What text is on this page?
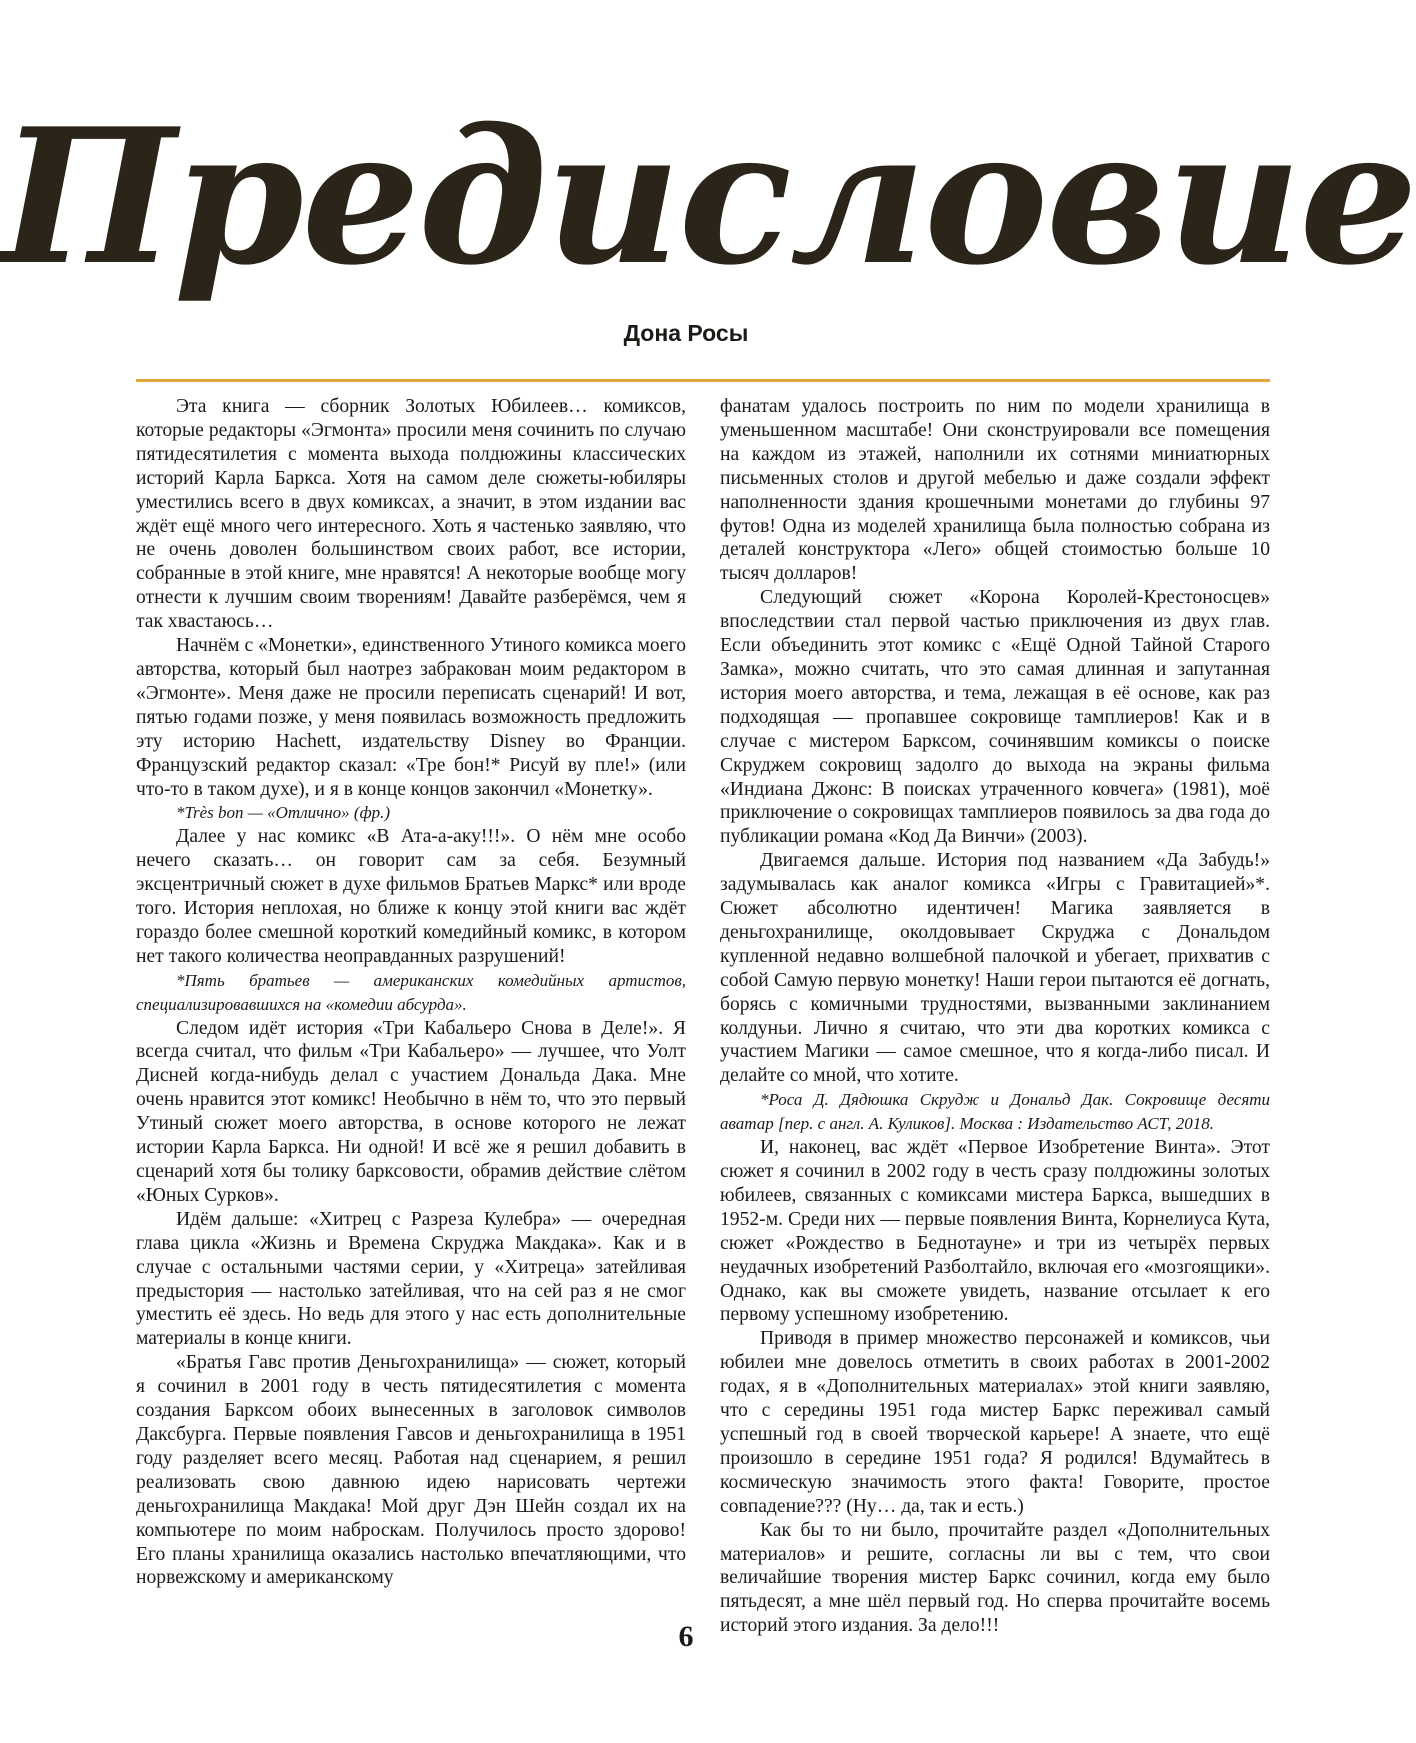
Предисловие
Дона Росы

Эта книга — сборник Золотых Юбилеев… комиксов, которые редакторы «Эгмонта» просили меня сочинить по случаю пятидесятилетия с момента выхода полдюжины классических историй Карла Баркса. Хотя на самом деле сюжеты-юбиляры уместились всего в двух комиксах, а значит, в этом издании вас ждёт ещё много чего интересного. Хоть я частенько заявляю, что не очень доволен большинством своих работ, все истории, собранные в этой книге, мне нравятся! А некоторые вообще могу отнести к лучшим своим творениям! Давайте разберёмся, чем я так хвастаюсь…

Начнём с «Монетки», единственного Утиного комикса моего авторства, который был наотрез забракован моим редактором в «Эгмонте». Меня даже не просили переписать сценарий! И вот, пятью годами позже, у меня появилась возможность предложить эту историю Hachett, издательству Disney во Франции. Французский редактор сказал: «Тре бон!* Рисуй ву пле!» (или что-то в таком духе), и я в конце концов закончил «Монетку».

*Très bon — «Отлично» (фр.)

Далее у нас комикс «В Ата-а-аку!!!». О нём мне особо нечего сказать… он говорит сам за себя. Безумный эксцентричный сюжет в духе фильмов Братьев Маркс* или вроде того. История неплохая, но ближе к концу этой книги вас ждёт гораздо более смешной короткий комедийный комикс, в котором нет такого количества неоправданных разрушений!

*Пять братьев — американских комедийных артистов, специализировавшихся на «комедии абсурда».

Следом идёт история «Три Кабальеро Снова в Деле!». Я всегда считал, что фильм «Три Кабальеро» — лучшее, что Уолт Дисней когда-нибудь делал с участием Дональда Дака. Мне очень нравится этот комикс! Необычно в нём то, что это первый Утиный сюжет моего авторства, в основе которого не лежат истории Карла Баркса. Ни одной! И всё же я решил добавить в сценарий хотя бы толику барксовости, обрамив действие слётом «Юных Сурков».

Идём дальше: «Хитрец с Разреза Кулебра» — очередная глава цикла «Жизнь и Времена Скруджа Макдака». Как и в случае с остальными частями серии, у «Хитреца» затейливая предыстория — настолько затейливая, что на сей раз я не смог уместить её здесь. Но ведь для этого у нас есть дополнительные материалы в конце книги.

«Братья Гавс против Деньгохранилища» — сюжет, который я сочинил в 2001 году в честь пятидесятилетия с момента создания Барксом обоих вынесенных в заголовок символов Даксбурга. Первые появления Гавсов и деньгохранилища в 1951 году разделяет всего месяц. Работая над сценарием, я решил реализовать свою давнюю идею нарисовать чертежи деньгохранилища Макдака! Мой друг Дэн Шейн создал их на компьютере по моим наброскам. Получилось просто здорово! Его планы хранилища оказались настолько впечатляющими, что норвежскому и американскому

фанатам удалось построить по ним по модели хранилища в уменьшенном масштабе! Они сконструировали все помещения на каждом из этажей, наполнили их сотнями миниатюрных письменных столов и другой мебелью и даже создали эффект наполненности здания крошечными монетами до глубины 97 футов! Одна из моделей хранилища была полностью собрана из деталей конструктора «Лего» общей стоимостью больше 10 тысяч долларов!

Следующий сюжет «Корона Королей-Крестоносцев» впоследствии стал первой частью приключения из двух глав. Если объединить этот комикс с «Ещё Одной Тайной Старого Замка», можно считать, что это самая длинная и запутанная история моего авторства, и тема, лежащая в её основе, как раз подходящая — пропавшее сокровище тамплиеров! Как и в случае с мистером Барксом, сочинявшим комиксы о поиске Скруджем сокровищ задолго до выхода на экраны фильма «Индиана Джонс: В поисках утраченного ковчега» (1981), моё приключение о сокровищах тамплиеров появилось за два года до публикации романа «Код Да Винчи» (2003).

Двигаемся дальше. История под названием «Да Забудь!» задумывалась как аналог комикса «Игры с Гравитацией»*. Сюжет абсолютно идентичен! Магика заявляется в деньгохранилище, околдовывает Скруджа с Дональдом купленной недавно волшебной палочкой и убегает, прихватив с собой Самую первую монетку! Наши герои пытаются её догнать, борясь с комичными трудностями, вызванными заклинанием колдуньи. Лично я считаю, что эти два коротких комикса с участием Магики — самое смешное, что я когда-либо писал. И делайте со мной, что хотите.

*Роса Д. Дядюшка Скрудж и Дональд Дак. Сокровище десяти аватар [пер. с англ. А. Куликов]. Москва : Издательство АСТ, 2018.

И, наконец, вас ждёт «Первое Изобретение Винта». Этот сюжет я сочинил в 2002 году в честь сразу полдюжины золотых юбилеев, связанных с комиксами мистера Баркса, вышедших в 1952-м. Среди них — первые появления Винта, Корнелиуса Кута, сюжет «Рождество в Беднотауне» и три из четырёх первых неудачных изобретений Разболтайло, включая его «мозгоящики». Однако, как вы сможете увидеть, название отсылает к его первому успешному изобретению.

Приводя в пример множество персонажей и комиксов, чьи юбилеи мне довелось отметить в своих работах в 2001-2002 годах, я в «Дополнительных материалах» этой книги заявляю, что с середины 1951 года мистер Баркс переживал самый успешный год в своей творческой карьере! А знаете, что ещё произошло в середине 1951 года? Я родился! Вдумайтесь в космическую значимость этого факта! Говорите, простое совпадение??? (Ну… да, так и есть.)

Как бы то ни было, прочитайте раздел «Дополнительных материалов» и решите, согласны ли вы с тем, что свои величайшие творения мистер Баркс сочинил, когда ему было пятьдесят, а мне шёл первый год. Но сперва прочитайте восемь историй этого издания. За дело!!!

6
